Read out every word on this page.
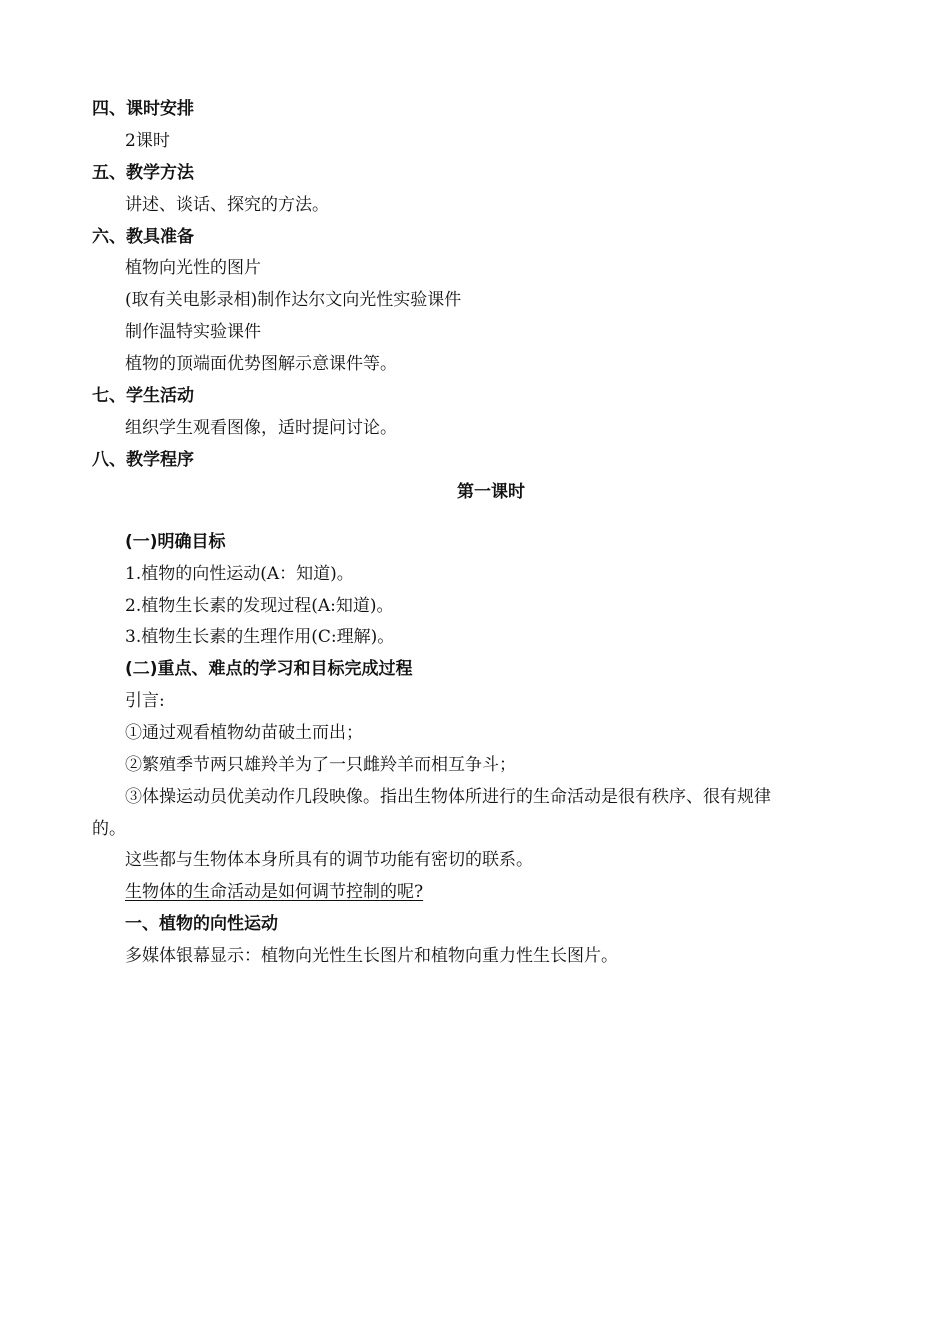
四、课时安排
2课时
五、教学方法
讲述、谈话、探究的方法。
六、教具准备
植物向光性的图片
(取有关电影录相)制作达尔文向光性实验课件
制作温特实验课件
植物的顶端面优势图解示意课件等。
七、学生活动
组织学生观看图像，适时提问讨论。
八、教学程序
第一课时
(一)明确目标
1.植物的向性运动(A：知道)。
2.植物生长素的发现过程(A:知道)。
3.植物生长素的生理作用(C:理解)。
(二)重点、难点的学习和目标完成过程
引言:
①通过观看植物幼苗破土而出；
②繁殖季节两只雄羚羊为了一只雌羚羊而相互争斗；
③体操运动员优美动作几段映像。指出生物体所进行的生命活动是很有秩序、很有规律
的。
这些都与生物体本身所具有的调节功能有密切的联系。
生物体的生命活动是如何调节控制的呢?
一、植物的向性运动
多媒体银幕显示：植物向光性生长图片和植物向重力性生长图片。
